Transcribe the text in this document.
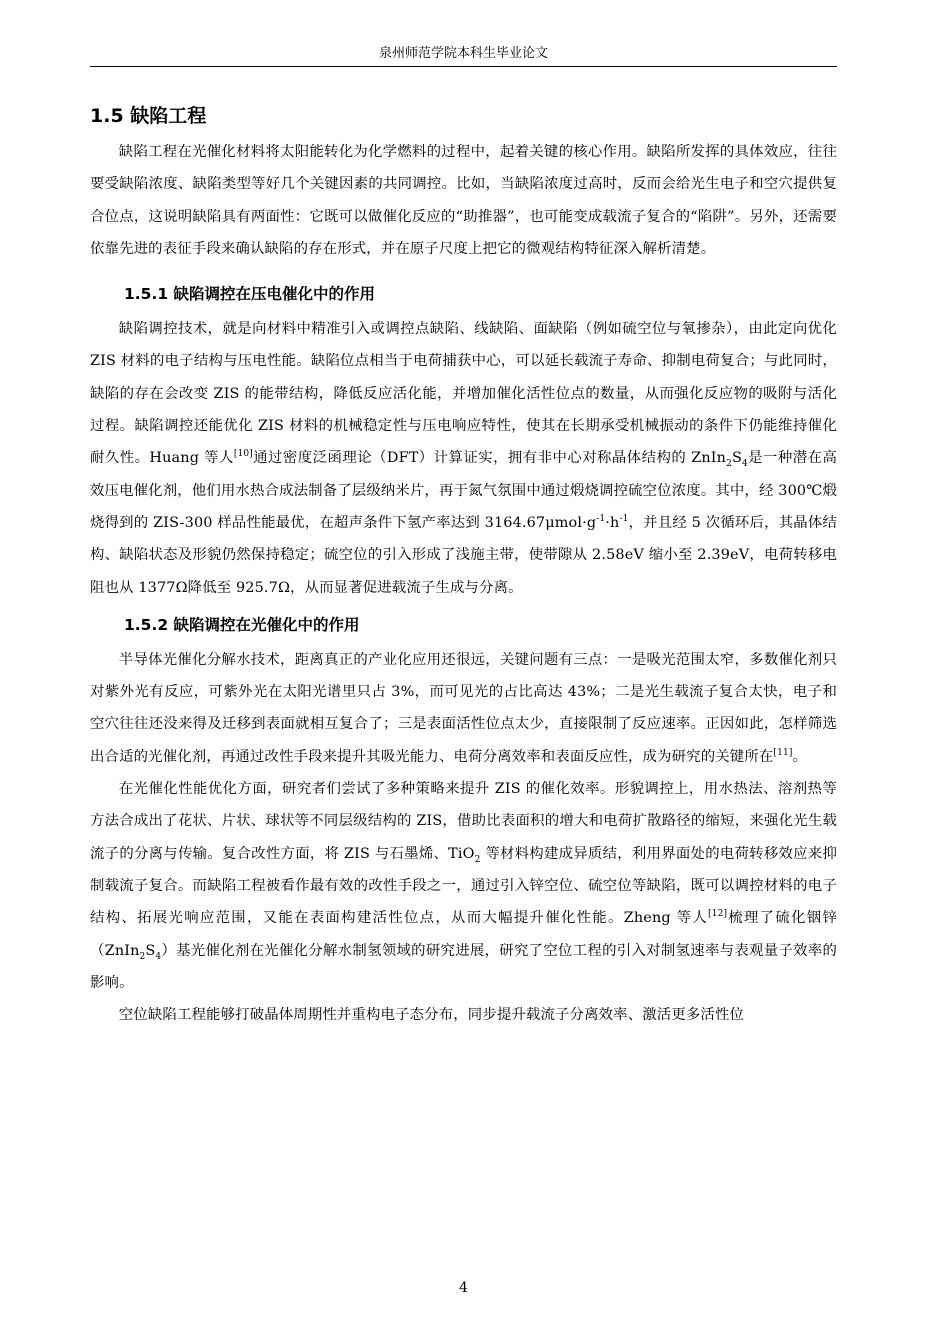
泉州师范学院本科生毕业论文
1.5 缺陷工程

缺陷工程在光催化材料将太阳能转化为化学燃料的过程中，起着关键的核心作用。缺陷所发挥的具体效应，往往要受缺陷浓度、缺陷类型等好几个关键因素的共同调控。比如，当缺陷浓度过高时，反而会给光生电子和空穴提供复合位点，这说明缺陷具有两面性：它既可以做催化反应的“助推器”，也可能变成载流子复合的“陷阱”。另外，还需要依靠先进的表征手段来确认缺陷的存在形式，并在原子尺度上把它的微观结构特征深入解析清楚。

1.5.1 缺陷调控在压电催化中的作用

缺陷调控技术，就是向材料中精准引入或调控点缺陷、线缺陷、面缺陷（例如硫空位与氧掺杂），由此定向优化 ZIS 材料的电子结构与压电性能。缺陷位点相当于电荷捕获中心，可以延长载流子寿命、抑制电荷复合；与此同时，缺陷的存在会改变 ZIS 的能带结构，降低反应活化能，并增加催化活性位点的数量，从而强化反应物的吸附与活化过程。缺陷调控还能优化 ZIS 材料的机械稳定性与压电响应特性，使其在长期承受机械振动的条件下仍能维持催化耐久性。Huang 等人[10]通过密度泛函理论（DFT）计算证实，拥有非中心对称晶体结构的 $ZnIn_2S_4$是一种潜在高效压电催化剂，他们用水热合成法制备了层级纳米片，再于氮气氛围中通过煅烧调控硫空位浓度。其中，经 300℃煅烧得到的 ZIS-300 样品性能最优，在超声条件下氢产率达到 $3164.67\mu mol\cdot g^{-1}\cdot h^{-1}$，并且经 5 次循环后，其晶体结构、缺陷状态及形貌仍然保持稳定；硫空位的引入形成了浅施主带，使带隙从 2.58eV 缩小至 2.39eV，电荷转移电阻也从 1377Ω降低至 925.7Ω，从而显著促进载流子生成与分离。

1.5.2 缺陷调控在光催化中的作用

半导体光催化分解水技术，距离真正的产业化应用还很远，关键问题有三点：一是吸光范围太窄，多数催化剂只对紫外光有反应，可紫外光在太阳光谱里只占 3%，而可见光的占比高达 43%；二是光生载流子复合太快，电子和空穴往往还没来得及迁移到表面就相互复合了；三是表面活性位点太少，直接限制了反应速率。正因如此，怎样筛选出合适的光催化剂，再通过改性手段来提升其吸光能力、电荷分离效率和表面反应性，成为研究的关键所在[11]。

在光催化性能优化方面，研究者们尝试了多种策略来提升 ZIS 的催化效率。形貌调控上，用水热法、溶剂热等方法合成出了花状、片状、球状等不同层级结构的 ZIS，借助比表面积的增大和电荷扩散路径的缩短，来强化光生载流子的分离与传输。复合改性方面，将 ZIS 与石墨烯、TiO$_2$ 等材料构建成异质结，利用界面处的电荷转移效应来抑制载流子复合。而缺陷工程被看作最有效的改性手段之一，通过引入锌空位、硫空位等缺陷，既可以调控材料的电子结构、拓展光响应范围，又能在表面构建活性位点，从而大幅提升催化性能。Zheng 等人[12]梳理了硫化铟锌$(ZnIn_2S_4)$基光催化剂在光催化分解水制氢领域的研究进展，研究了空位工程的引入对制氢速率与表观量子效率的影响。

空位缺陷工程能够打破晶体周期性并重构电子态分布，同步提升载流子分离效率、激活更多活性位

4
